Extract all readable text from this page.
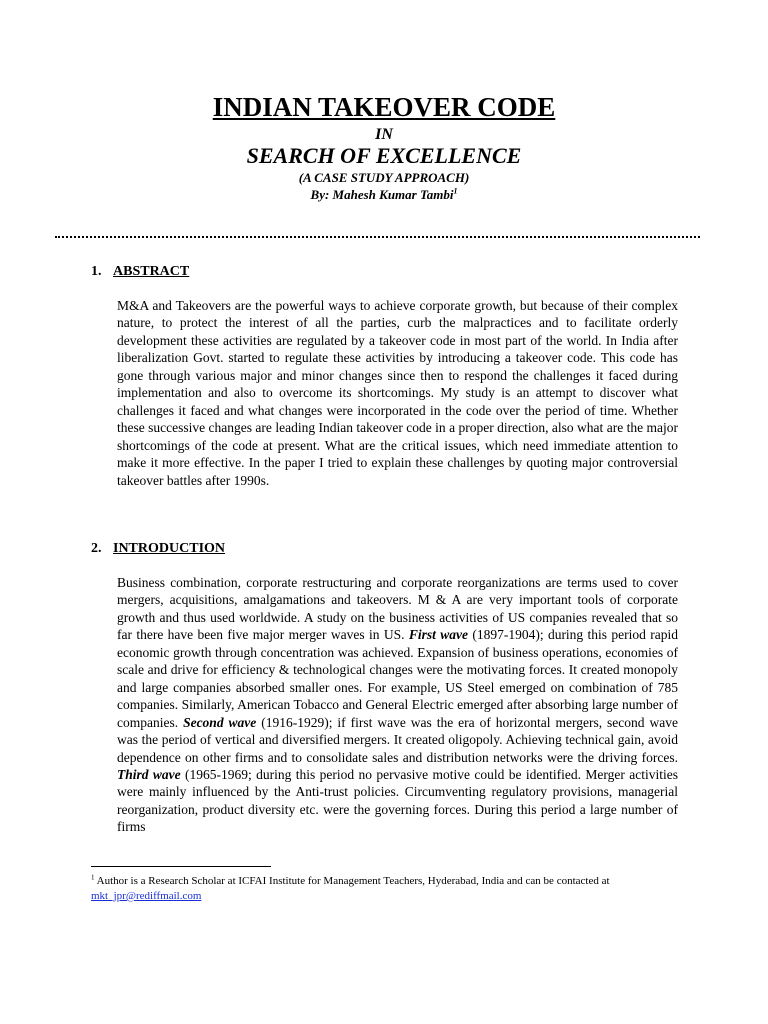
INDIAN TAKEOVER CODE
IN
SEARCH OF EXCELLENCE
(A CASE STUDY APPROACH)
By: Mahesh Kumar Tambi$^1$
1. ABSTRACT

M&A and Takeovers are the powerful ways to achieve corporate growth, but because of their complex nature, to protect the interest of all the parties, curb the malpractices and to facilitate orderly development these activities are regulated by a takeover code in most part of the world. In India after liberalization Govt. started to regulate these activities by introducing a takeover code. This code has gone through various major and minor changes since then to respond the challenges it faced during implementation and also to overcome its shortcomings. My study is an attempt to discover what challenges it faced and what changes were incorporated in the code over the period of time. Whether these successive changes are leading Indian takeover code in a proper direction, also what are the major shortcomings of the code at present. What are the critical issues, which need immediate attention to make it more effective. In the paper I tried to explain these challenges by quoting major controversial takeover battles after 1990s.

2. INTRODUCTION

Business combination, corporate restructuring and corporate reorganizations are terms used to cover mergers, acquisitions, amalgamations and takeovers. M & A are very important tools of corporate growth and thus used worldwide. A study on the business activities of US companies revealed that so far there have been five major merger waves in US. First wave (1897-1904); during this period rapid economic growth through concentration was achieved. Expansion of business operations, economies of scale and drive for efficiency & technological changes were the motivating forces. It created monopoly and large companies absorbed smaller ones. For example, US Steel emerged on combination of 785 companies. Similarly, American Tobacco and General Electric emerged after absorbing large number of companies. Second wave (1916-1929); if first wave was the era of horizontal mergers, second wave was the period of vertical and diversified mergers. It created oligopoly. Achieving technical gain, avoid dependence on other firms and to consolidate sales and distribution networks were the driving forces. Third wave (1965-1969; during this period no pervasive motive could be identified. Merger activities were mainly influenced by the Anti-trust policies. Circumventing regulatory provisions, managerial reorganization, product diversity etc. were the governing forces. During this period a large number of firms

$^1$ Author is a Research Scholar at ICFAI Institute for Management Teachers, Hyderabad, India and can be contacted at mkt_jpr@rediffmail.com
